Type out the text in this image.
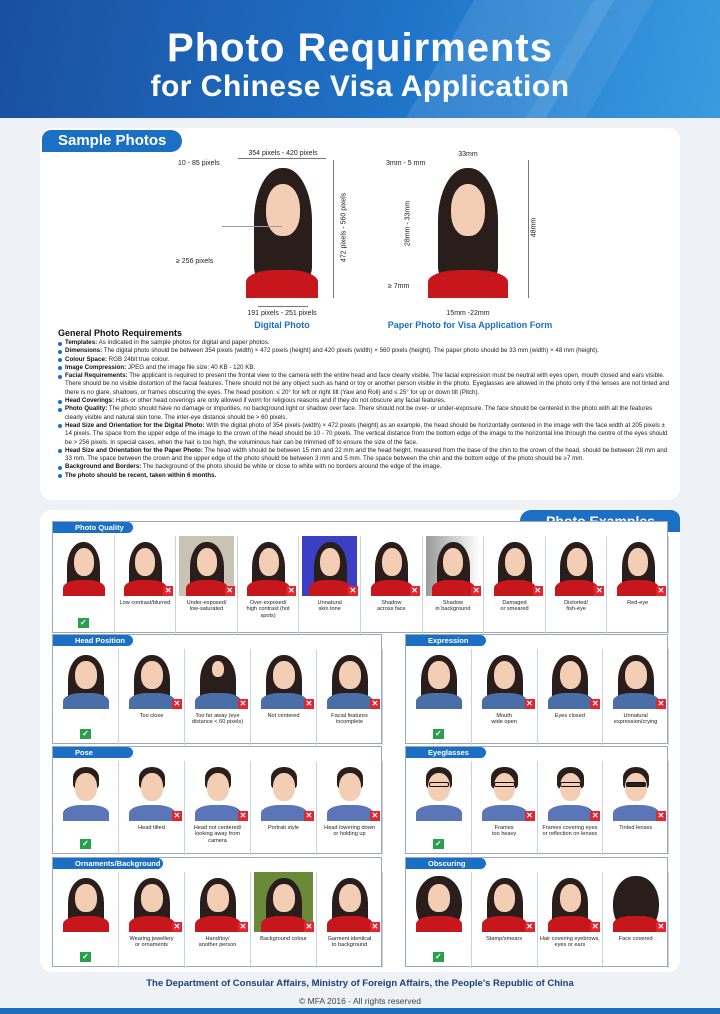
Photo Requirments
for Chinese Visa Application
Sample Photos
354 pixels - 420 pixels
10 - 85 pixels
472 pixels - 560 pixels
≥ 256 pixels
191 pixels - 251 pixels
Digital Photo
33mm
3mm - 5 mm
28mm - 33mm	48mm
≥ 7mm
15mm -22mm
Paper Photo for Visa Application Form
General Photo Requirements
Templates: As indicated in the sample photos for digital and paper photos.
Dimensions: The digital photo should be between 354 pixels (width) × 472 pixels (height) and 420 pixels (width) × 560 pixels (height). The paper photo should be 33 mm (width) × 48 mm (height).
Colour Space: RGB 24bit true colour.
Image Compression: JPEG and the image file size: 40 KB - 120 KB.
Facial Requirements: The applicant is required to present the frontal view to the camera with the entire head and face clearly visible. The facial expression must be neutral with eyes open, mouth closed and ears visible. There should be no visible distortion of the facial features. There should not be any object such as hand or toy or another person visible in the photo. Eyeglasses are allowed in the photo only if the lenses are not tinted and there is no glare, shadows, or frames obscuring the eyes. The head position: ≤ 20° for left or right tilt (Yaw and Roll) and ≤ 25° for up or down tilt (Pitch).
Head Coverings: Hats or other head coverings are only allowed if worn for religious reasons and if they do not obscure any facial features.
Photo Quality: The photo should have no damage or impurities, no background light or shadow over face. There should not be over- or under-exposure. The face should be centered in the photo with all the features clearly visible and natural skin tone. The inter-eye distance should be > 60 pixels.
Head Size and Orientation for the Digital Photo: With the digital photo of 354 pixels (width) × 472 pixels (height) as an example, the head should be horizontally centered in the image with the face width at 205 pixels ± 14 pixels. The space from the upper edge of the image to the crown of the head should be 10 - 70 pixels. The vertical distance from the bottom edge of the image to the horizontal line through the centre of the eyes should be > 256 pixels. In special cases, when the hair is too high, the voluminous hair can be trimmed off to ensure the size of the face.
Head Size and Orientation for the Paper Photo: The head width should be between 15 mm and 22 mm and the head height, measured from the base of the chin to the crown of the head, should be between 28 mm and 33 mm. The space between the crown and the upper edge of the photo should be between 3 mm and 5 mm. The space between the chin and the bottom edge of the photo should be ≥7 mm.
Background and Borders: The background of the photo should be white or close to white with no borders around the edge of the image.
The photo should be recent, taken within 6 months.
Photo Quality
✓
✕
Low contrast/blurred
✕
Under-exposed/
low-saturated
✕
Over-exposed/
high contrast (hot spots)
✕
Unnatural
skin tone
✕
Shadow
across face
✕
Shadow
in background
✕
Damaged
or smeared
✕
Distorted/
fish-eye
✕
Red-eye
Head Position
✓
✕
Too close
✕
Too far away (eye
distance < 60 pixels)
✕
Not centered
✕
Facial features
incomplete
Expression
✓
✕
Mouth
wide open
✕
Eyes closed
✕
Unnatural
expression/crying
Pose
✓
✕
Head tilted
✕
Head not centered/
looking away from camera
✕
Portrait style
✕
Head lowering down
or holding up
Eyeglasses
✓
✕
Frames
too heavy
✕
Frames covering eyes
or reflection on lenses
✕
Tinted lenses
Ornaments/Background
✓
✕
Wearing jewellery
or ornaments
✕
Hand/toy/
another person
✕
Background colour
✕
Garment identical
to background
Obscuring
✓
✕
Stamp/smears
✕
Hair covering eyebrows,
eyes or ears
✕
Face covered
The Department of Consular Affairs, Ministry of Foreign Affairs, the People's Republic of China
© MFA 2016 - All rights reserved
